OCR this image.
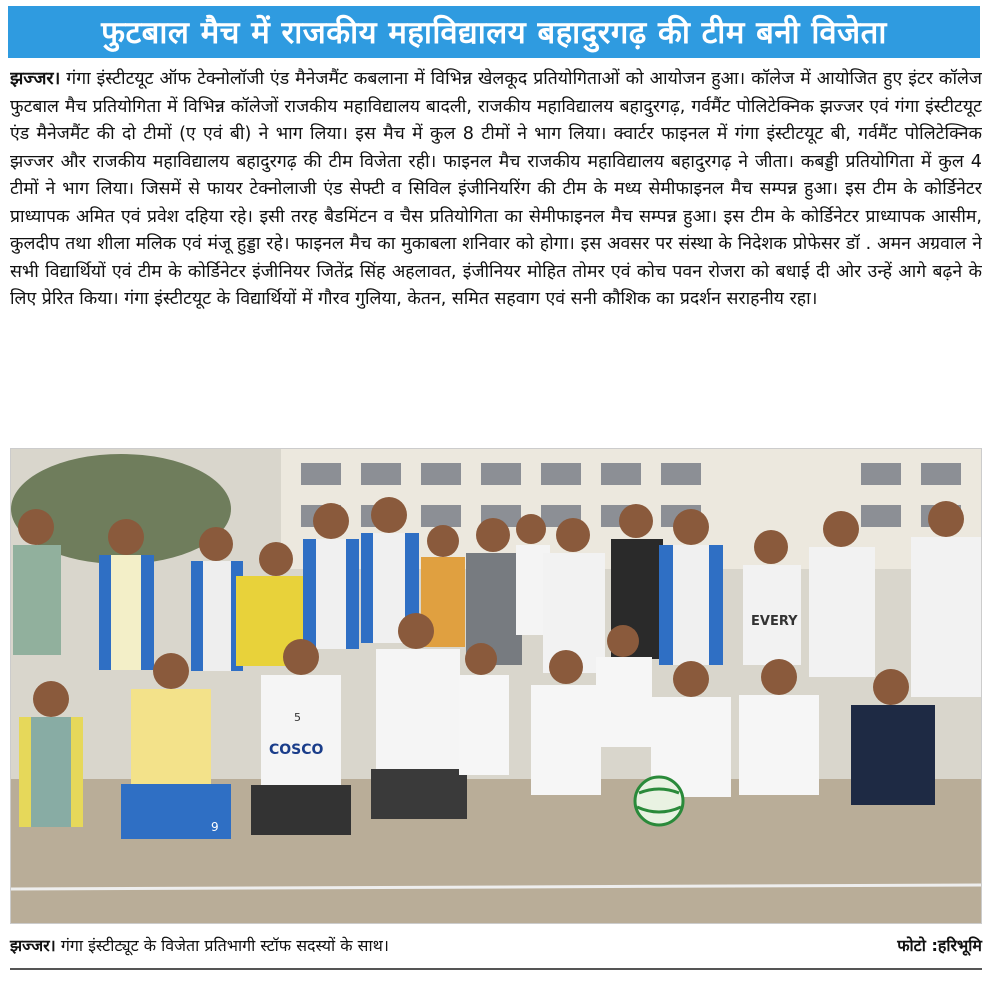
फुटबाल मैच में राजकीय महाविद्यालय बहादुरगढ़ की टीम बनी विजेता
झज्जर। गंगा इंस्टीटयूट ऑफ टेक्नोलॉजी एंड मैनेजमैंट कबलाना में विभिन्न खेलकूद प्रतियोगिताओं को आयोजन हुआ। कॉलेज में आयोजित हुए इंटर कॉलेज फुटबाल मैच प्रतियोगिता में विभिन्न कॉलेजों राजकीय महाविद्यालय बादली, राजकीय महाविद्यालय बहादुरगढ़, गर्वमैंट पोलिटेक्निक झज्जर एवं गंगा इंस्टीटयूट एंड मैनेजमैंट की दो टीमों (ए एवं बी) ने भाग लिया। इस मैच में कुल 8 टीमों ने भाग लिया। क्वार्टर फाइनल में गंगा इंस्टीटयूट बी, गर्वमैंट पोलिटेक्निक झज्जर और राजकीय महाविद्यालय बहादुरगढ़ की टीम विजेता रही। फाइनल मैच राजकीय महाविद्यालय बहादुरगढ़ ने जीता। कबड्डी प्रतियोगिता में कुल 4 टीमों ने भाग लिया। जिसमें से फायर टेक्नोलाजी एंड सेफ्टी व सिविल इंजीनियरिंग की टीम के मध्य सेमीफाइनल मैच सम्पन्न हुआ। इस टीम के कोर्डिनेटर प्राध्यापक अमित एवं प्रवेश दहिया रहे। इसी तरह बैडमिंटन व चैस प्रतियोगिता का सेमीफाइनल मैच सम्पन्न हुआ। इस टीम के कोर्डिनेटर प्राध्यापक आसीम, कुलदीप तथा शीला मलिक एवं मंजू हुड्डा रहे। फाइनल मैच का मुकाबला शनिवार को होगा। इस अवसर पर संस्था के निदेशक प्रोफेसर डॉ . अमन अग्रवाल ने सभी विद्यार्थियों एवं टीम के कोर्डिनेटर इंजीनियर जितेंद्र सिंह अहलावत, इंजीनियर मोहित तोमर एवं कोच पवन रोजरा को बधाई दी ओर उन्हें आगे बढ़ने के लिए प्रेरित किया। गंगा इंस्टीटयूट के विद्यार्थियों में गौरव गुलिया, केतन, समित सहवाग एवं सनी कौशिक का प्रदर्शन सराहनीय रहा।
COSCO
EVERY
5
9
झज्जर। गंगा इंस्टीट्यूट के विजेता प्रतिभागी स्टॉफ सदस्यों के साथ।	फोटो :हरिभूमि
